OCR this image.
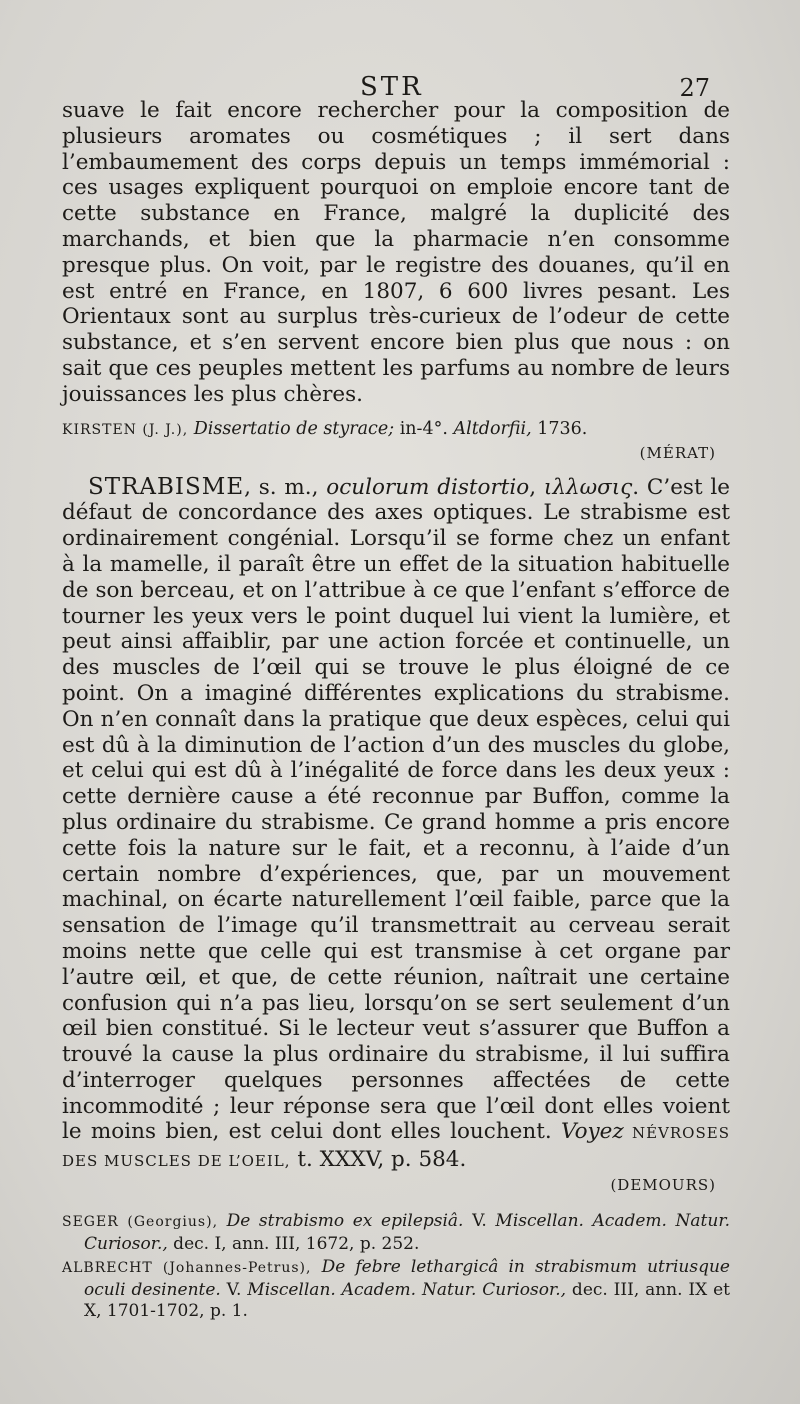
STR	27

suave le fait encore rechercher pour la composition de plusieurs aromates ou cosmétiques ; il sert dans l’embaumement des corps depuis un temps immémorial : ces usages expliquent pourquoi on emploie encore tant de cette substance en France, malgré la duplicité des marchands, et bien que la pharmacie n’en consomme presque plus. On voit, par le registre des douanes, qu’il en est entré en France, en 1807, 6 600 livres pesant. Les Orientaux sont au surplus très-curieux de l’odeur de cette substance, et s’en servent encore bien plus que nous : on sait que ces peuples mettent les parfums au nombre de leurs jouissances les plus chères.

KIRSTEN (J. J.), Dissertatio de styrace; in-4°. Altdorfii, 1736.

(MÉRAT)

STRABISME, s. m., oculorum distortio, ιλλωσις. C’est le défaut de concordance des axes optiques. Le strabisme est ordinairement congénial. Lorsqu’il se forme chez un enfant à la mamelle, il paraît être un effet de la situation habituelle de son berceau, et on l’attribue à ce que l’enfant s’efforce de tourner les yeux vers le point duquel lui vient la lumière, et peut ainsi affaiblir, par une action forcée et continuelle, un des muscles de l’œil qui se trouve le plus éloigné de ce point. On a imaginé différentes explications du strabisme. On n’en connaît dans la pratique que deux espèces, celui qui est dû à la diminution de l’action d’un des muscles du globe, et celui qui est dû à l’inégalité de force dans les deux yeux : cette dernière cause a été reconnue par Buffon, comme la plus ordinaire du strabisme. Ce grand homme a pris encore cette fois la nature sur le fait, et a reconnu, à l’aide d’un certain nombre d’expériences, que, par un mouvement machinal, on écarte naturellement l’œil faible, parce que la sensation de l’image qu’il transmettrait au cerveau serait moins nette que celle qui est transmise à cet organe par l’autre œil, et que, de cette réunion, naîtrait une certaine confusion qui n’a pas lieu, lorsqu’on se sert seulement d’un œil bien constitué. Si le lecteur veut s’assurer que Buffon a trouvé la cause la plus ordinaire du strabisme, il lui suffira d’interroger quelques personnes affectées de cette incommodité ; leur réponse sera que l’œil dont elles voient le moins bien, est celui dont elles louchent. Voyez NÉVROSES DES MUSCLES DE L’OEIL, t. XXXV, p. 584.

(DEMOURS)

SEGER (Georgius), De strabismo ex epilepsiâ. V. Miscellan. Academ. Natur. Curiosor., dec. I, ann. III, 1672, p. 252.

ALBRECHT (Johannes-Petrus), De febre lethargicâ in strabismum utriusque oculi desinente. V. Miscellan. Academ. Natur. Curiosor., dec. III, ann. IX et X, 1701-1702, p. 1.
